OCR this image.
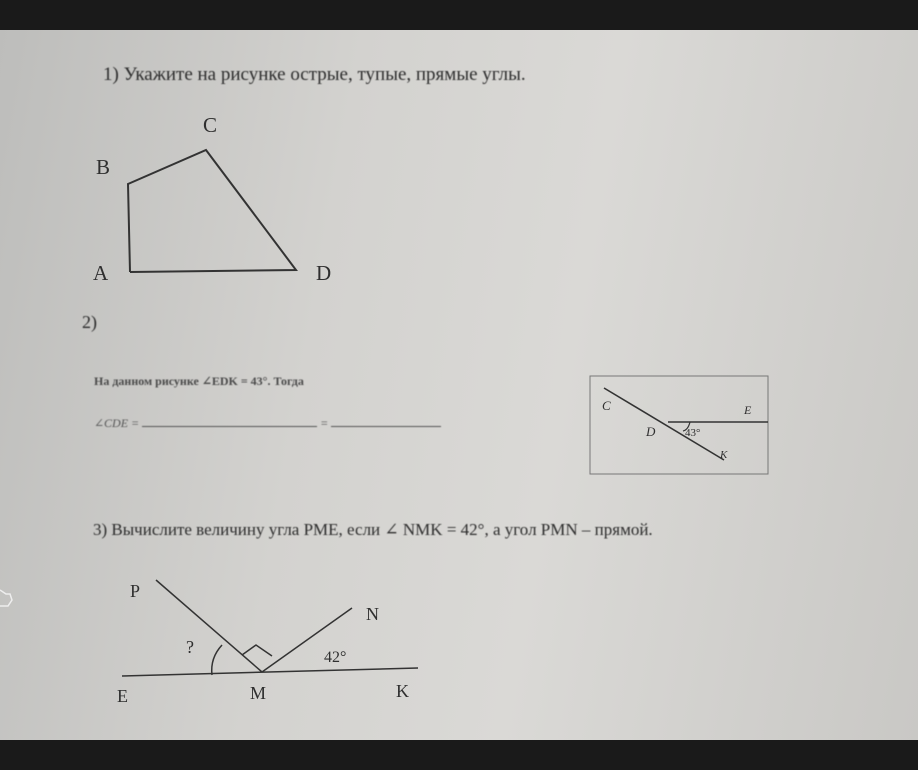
1) Укажите на рисунке острые, тупые, прямые углы.
2)
На данном рисунке ∠EDK = 43°. Тогда
∠CDE =	=
3) Вычислите величину угла PME, если ∠ NMK = 42°, а угол PMN – прямой.
B
C
A	D
C	E
D	43°
K
P
N
?
42°
E	M	K
